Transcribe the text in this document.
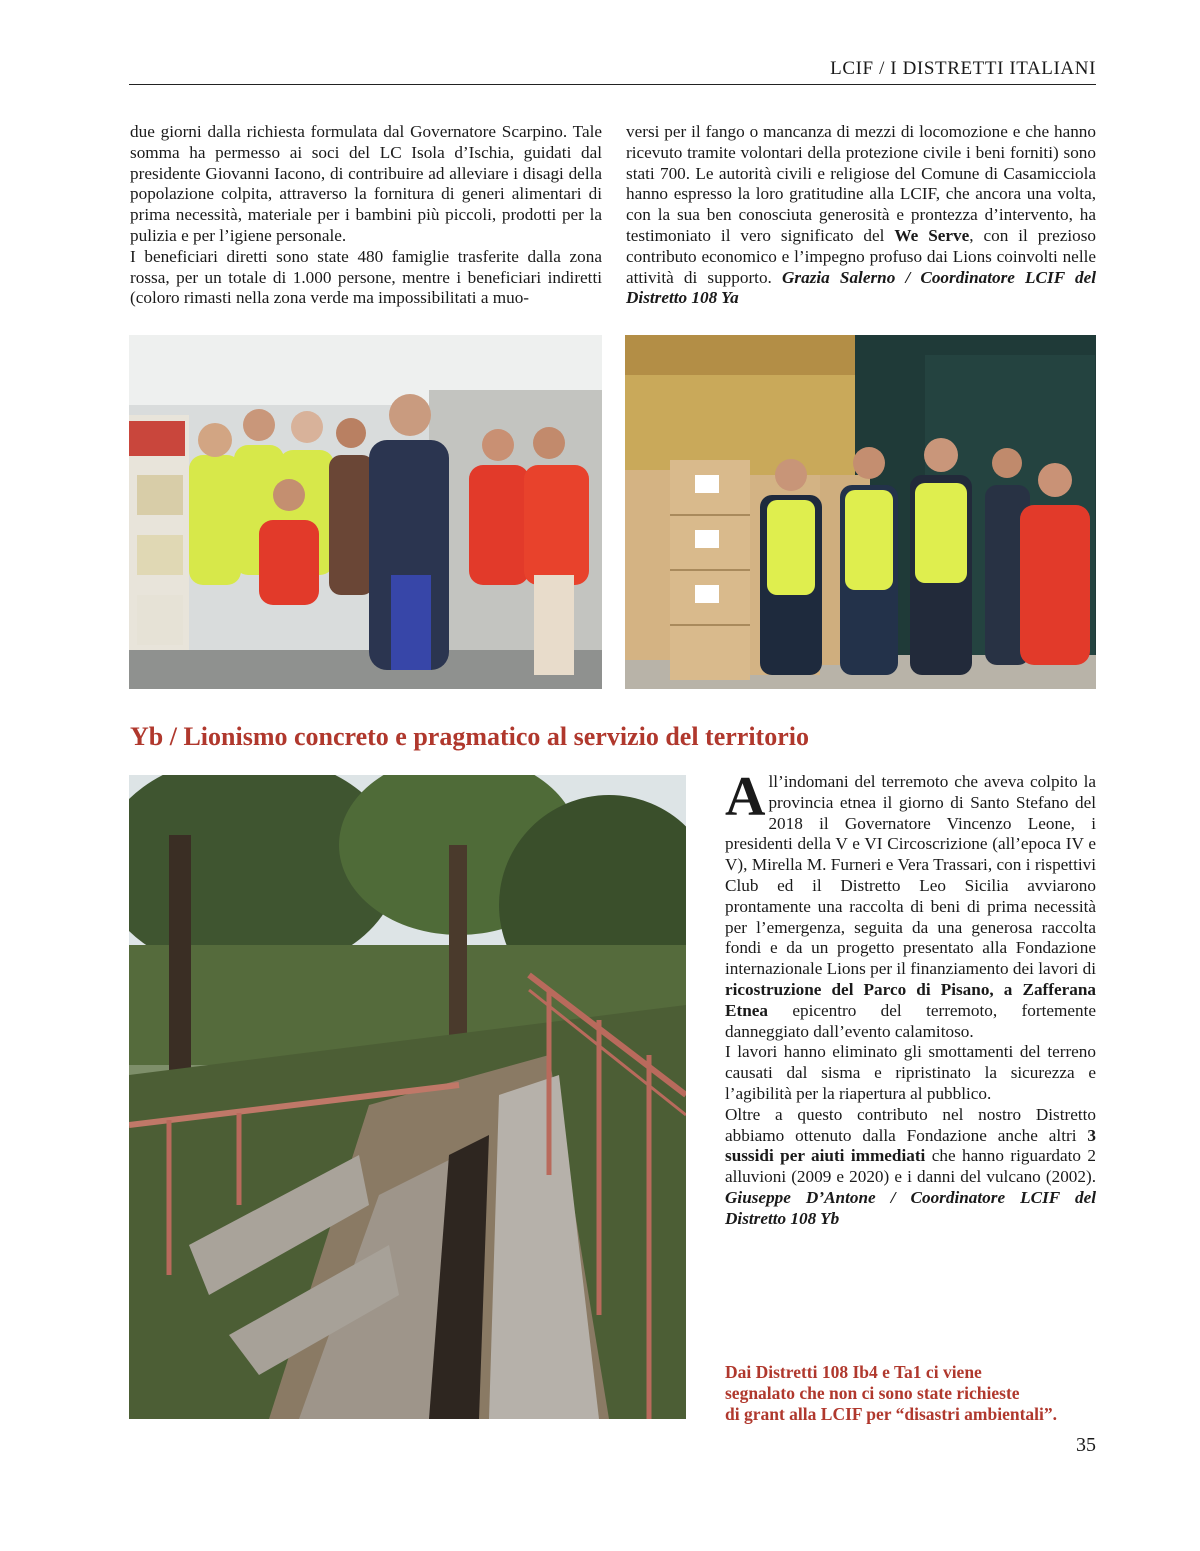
LCIF / I DISTRETTI ITALIANI

due giorni dalla richiesta formulata dal Governatore Scarpino. Tale somma ha permesso ai soci del LC Isola d’Ischia, guidati dal presidente Giovanni Iacono, di contribuire ad alleviare i disagi della popolazione colpita, attraverso la fornitura di generi alimentari di prima necessità, materiale per i bambini più piccoli, prodotti per la pulizia e per l’igiene personale.

I beneficiari diretti sono state 480 famiglie trasferite dalla zona rossa, per un totale di 1.000 persone, mentre i beneficiari indiretti (coloro rimasti nella zona verde ma impossibilitati a muo-

versi per il fango o mancanza di mezzi di locomozione e che hanno ricevuto tramite volontari della protezione civile i beni forniti) sono stati 700. Le autorità civili e religiose del Comune di Casamicciola hanno espresso la loro gratitudine alla LCIF, che ancora una volta, con la sua ben conosciuta generosità e prontezza d’intervento, ha testimoniato il vero significato del We Serve, con il prezioso contributo economico e l’impegno profuso dai Lions coinvolti nelle attività di supporto. Grazia Salerno / Coordinatore LCIF del Distretto 108 Ya

Yb / Lionismo concreto e pragmatico al servizio del territorio

All’indomani del terremoto che aveva colpito la provincia etnea il giorno di Santo Stefano del 2018 il Governatore Vincenzo Leone, i presidenti della V e VI Circoscrizione (all’epoca IV e V), Mirella M. Furneri e Vera Trassari, con i rispettivi Club ed il Distretto Leo Sicilia avviarono prontamente una raccolta di beni di prima necessità per l’emergenza, seguita da una generosa raccolta fondi e da un progetto presentato alla Fondazione internazionale Lions per il finanziamento dei lavori di ricostruzione del Parco di Pisano, a Zafferana Etnea epicentro del terremoto, fortemente danneggiato dall’evento calamitoso.

I lavori hanno eliminato gli smottamenti del terreno causati dal sisma e ripristinato la sicurezza e l’agibilità per la riapertura al pubblico.

Oltre a questo contributo nel nostro Distretto abbiamo ottenuto dalla Fondazione anche altri 3 sussidi per aiuti immediati che hanno riguardato 2 alluvioni (2009 e 2020) e i danni del vulcano (2002). Giuseppe D’Antone / Coordinatore LCIF del Distretto 108 Yb

Dai Distretti 108 Ib4 e Ta1 ci viene
segnalato che non ci sono state richieste
di grant alla LCIF per “disastri ambientali”.
35
